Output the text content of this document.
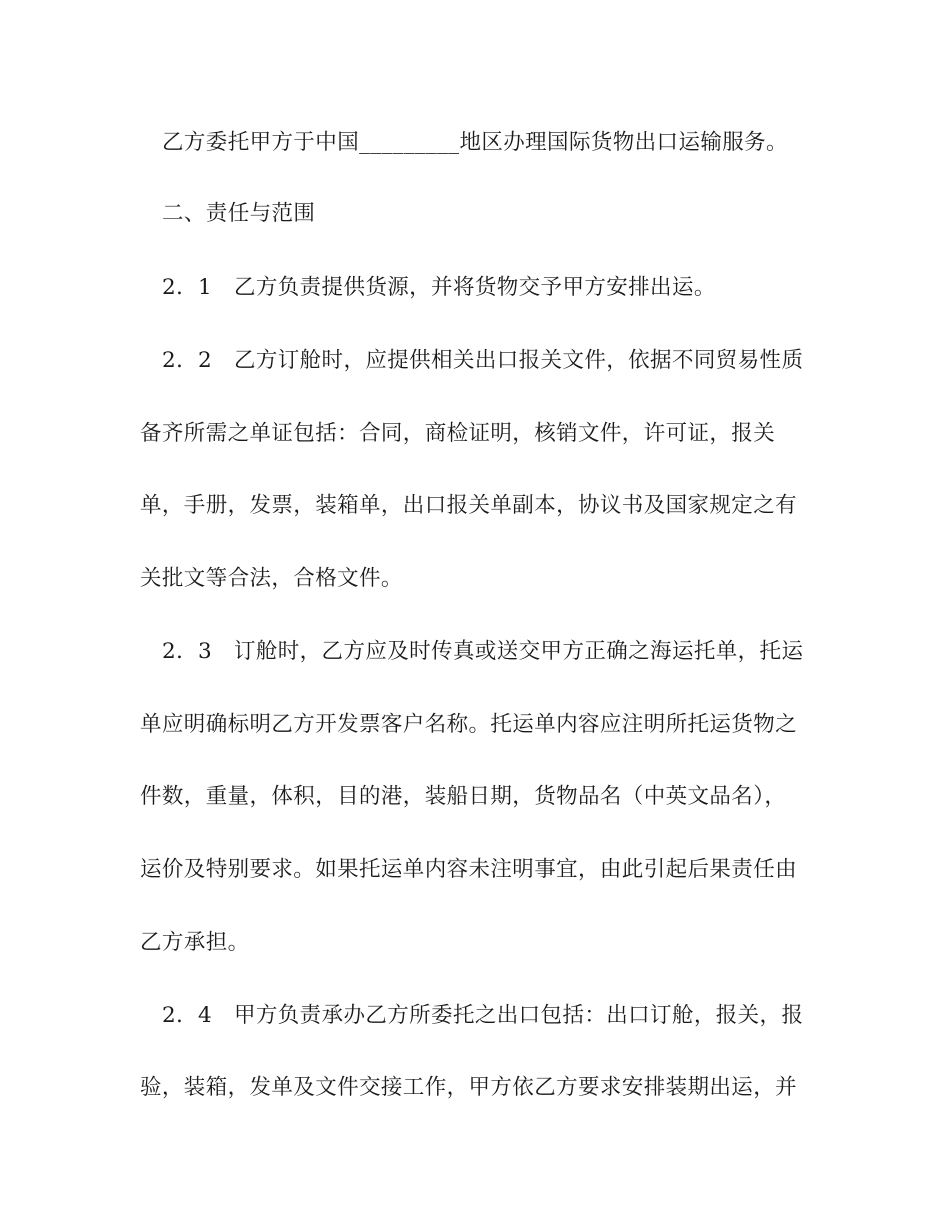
乙方委托甲方于中国_________地区办理国际货物出口运输服务。
二、责任与范围
2．1　乙方负责提供货源，并将货物交予甲方安排出运。
2．2　乙方订舱时，应提供相关出口报关文件，依据不同贸易性质
备齐所需之单证包括：合同，商检证明，核销文件，许可证，报关
单，手册，发票，装箱单，出口报关单副本，协议书及国家规定之有
关批文等合法，合格文件。
2．3　订舱时，乙方应及时传真或送交甲方正确之海运托单，托运
单应明确标明乙方开发票客户名称。托运单内容应注明所托运货物之
件数，重量，体积，目的港，装船日期，货物品名（中英文品名），
运价及特别要求。如果托运单内容未注明事宜，由此引起后果责任由
乙方承担。
2．4　甲方负责承办乙方所委托之出口包括：出口订舱，报关，报
验，装箱，发单及文件交接工作，甲方依乙方要求安排装期出运，并
